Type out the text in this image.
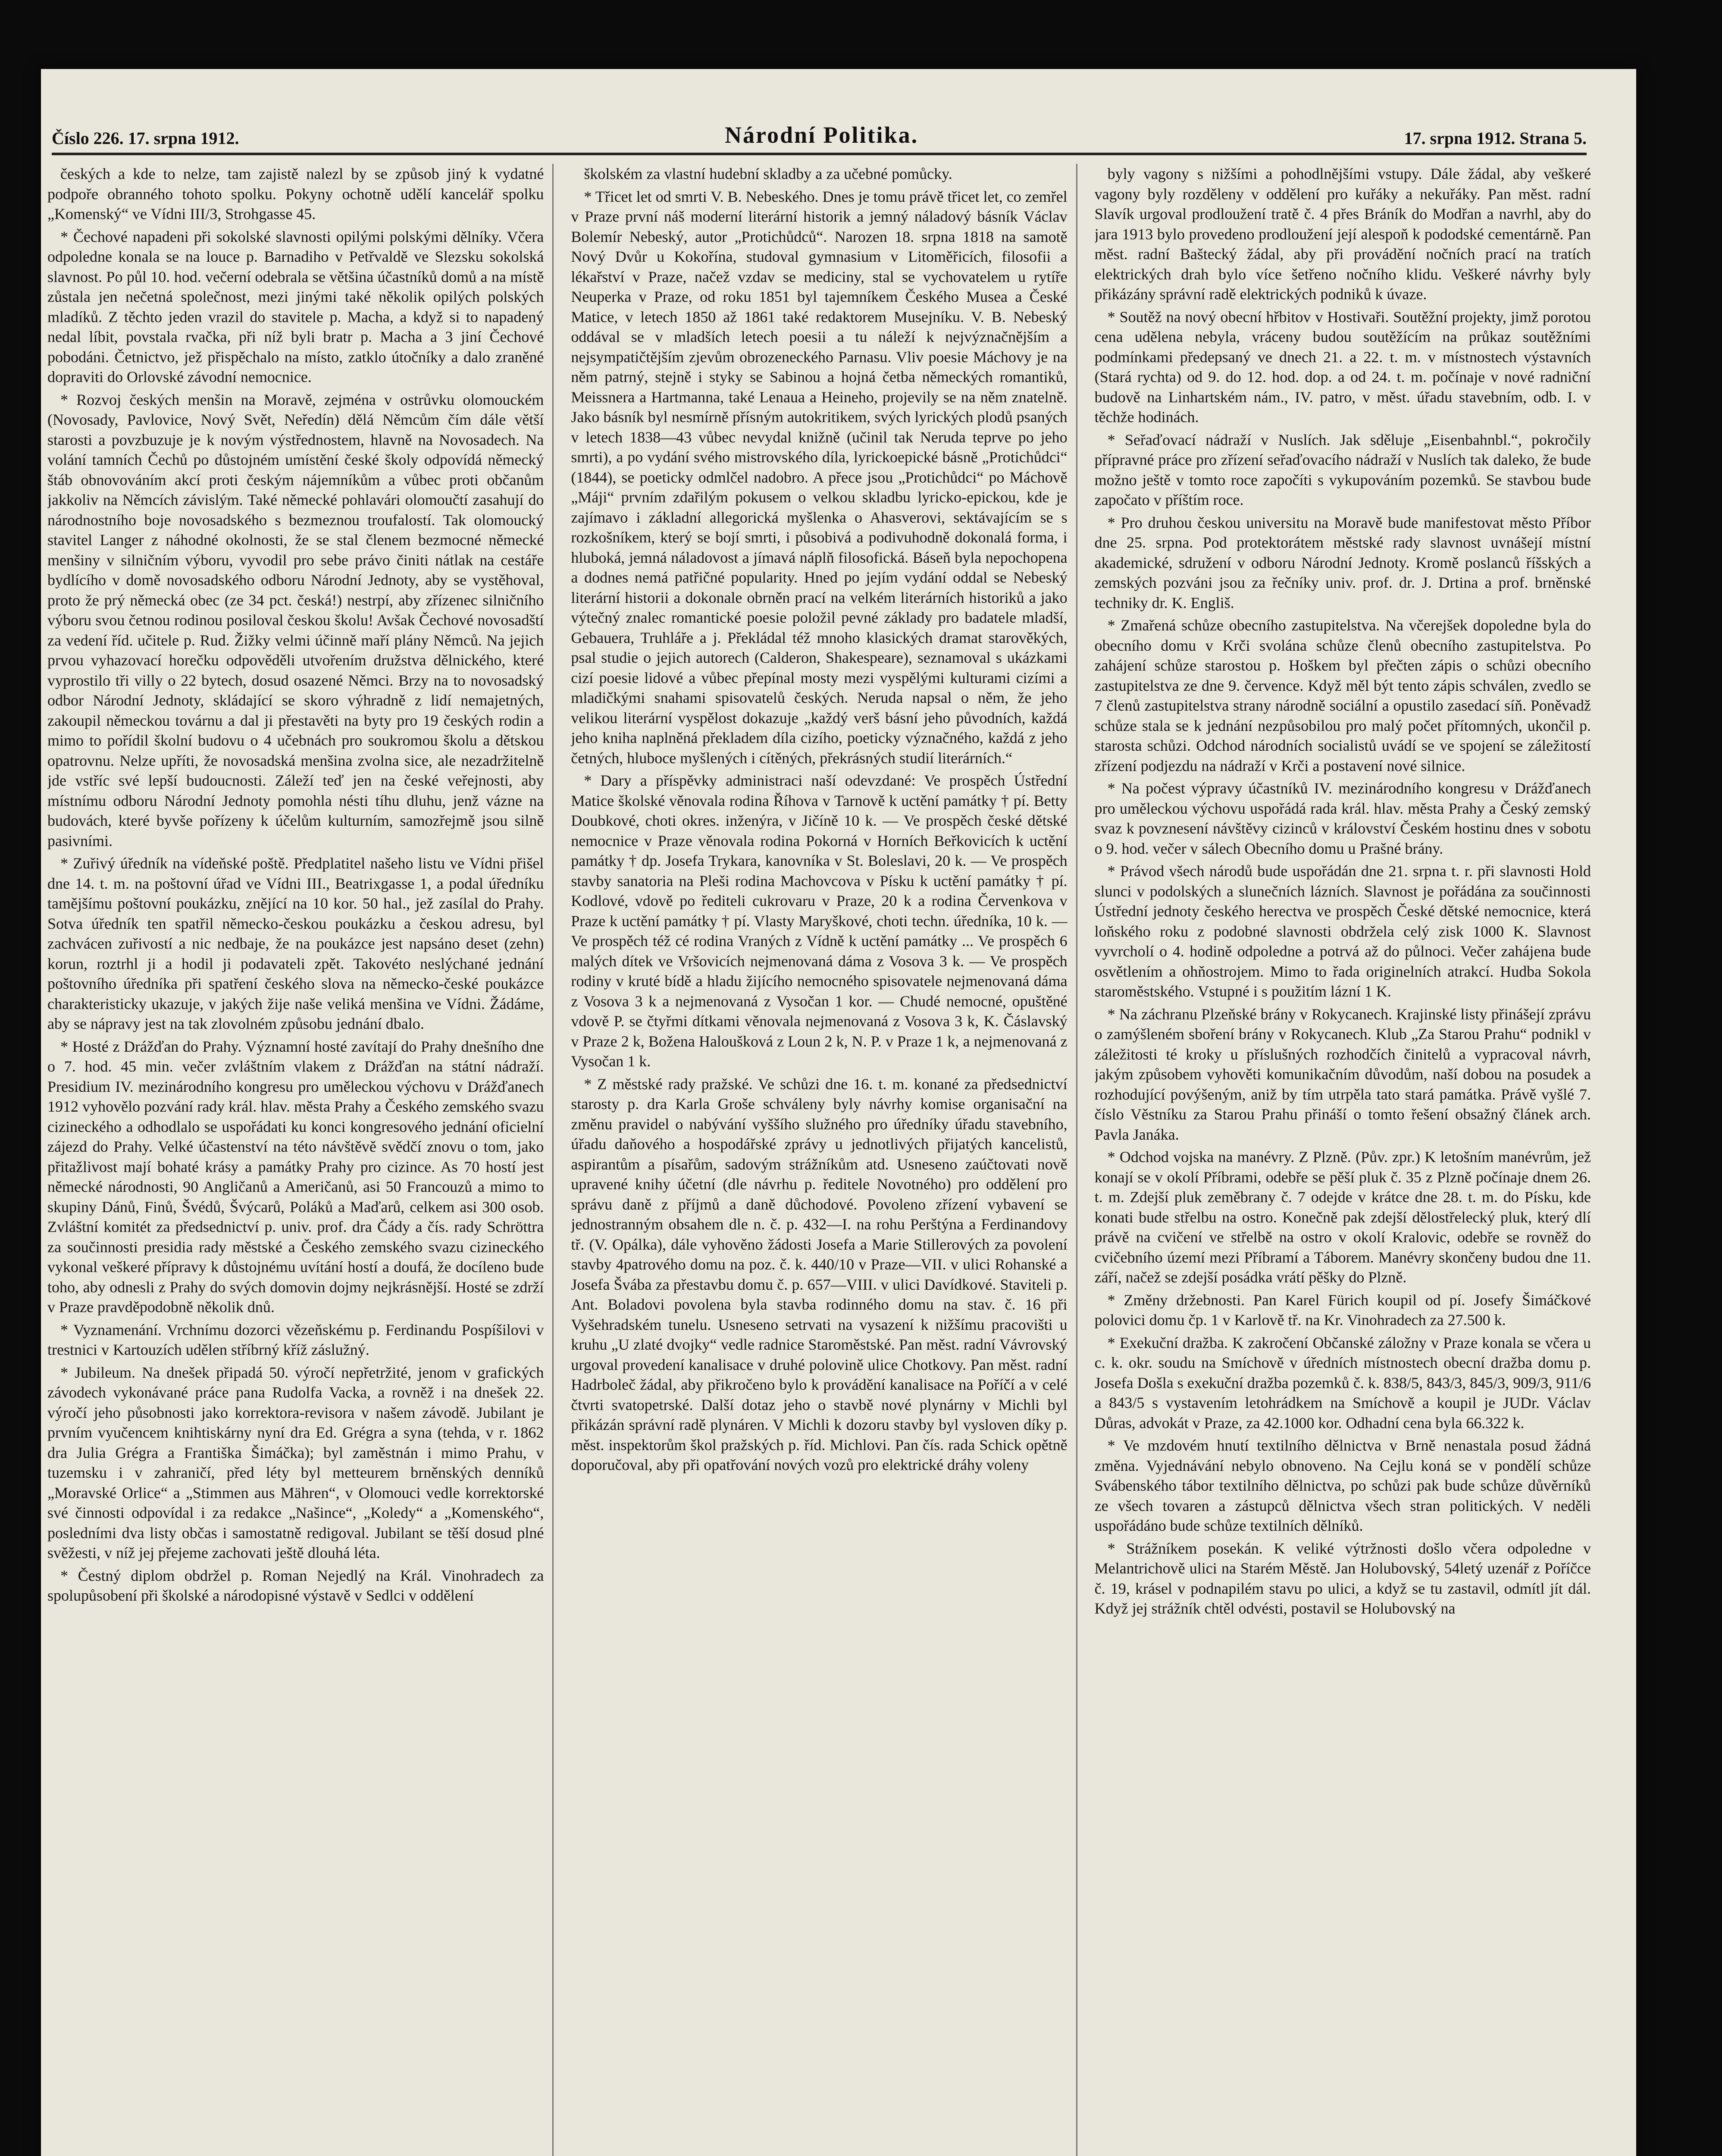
Číslo 226. 17. srpna 1912.	Národní Politika.	17. srpna 1912. Strana 5.

českých a kde to nelze, tam zajistě nalezl by se způsob jiný k vydatné podpoře obranného tohoto spolku. Pokyny ochotně udělí kancelář spolku „Komenský“ ve Vídni III/3, Strohgasse 45.

* Čechové napadeni při sokolské slavnosti opilými polskými dělníky. Včera odpoledne konala se na louce p. Barnadiho v Petřvaldě ve Slezsku sokolská slavnost. Po půl 10. hod. večerní odebrala se většina účastníků domů a na místě zůstala jen nečetná společnost, mezi jinými také několik opilých polských mladíků. Z těchto jeden vrazil do stavitele p. Macha, a když si to napadený nedal líbit, povstala rvačka, při níž byli bratr p. Macha a 3 jiní Čechové pobodáni. Četnictvo, jež přispěchalo na místo, zatklo útočníky a dalo zraněné dopraviti do Orlovské závodní nemocnice.

* Rozvoj českých menšin na Moravě, zejména v ostrůvku olomouckém (Novosady, Pavlovice, Nový Svět, Neředín) dělá Němcům čím dále větší starosti a povzbuzuje je k novým výstřednostem, hlavně na Novosadech. Na volání tamních Čechů po důstojném umístění české školy odpovídá německý štáb obnovováním akcí proti českým nájemníkům a vůbec proti občanům jakkoliv na Němcích závislým. Také německé pohlavári olomoučtí zasahují do národnostního boje novosadského s bezmeznou troufalostí. Tak olomoucký stavitel Langer z náhodné okolnosti, že se stal členem bezmocné německé menšiny v silničním výboru, vyvodil pro sebe právo činiti nátlak na cestáře bydlícího v domě novosadského odboru Národní Jednoty, aby se vystěhoval, proto že prý německá obec (ze 34 pct. česká!) nestrpí, aby zřízenec silničního výboru svou četnou rodinou posiloval českou školu! Avšak Čechové novosadští za vedení říd. učitele p. Rud. Žižky velmi účinně maří plány Němců. Na jejich prvou vyhazovací horečku odpověděli utvořením družstva dělnického, které vyprostilo tři villy o 22 bytech, dosud osazené Němci. Brzy na to novosadský odbor Národní Jednoty, skládající se skoro výhradně z lidí nemajetných, zakoupil německou továrnu a dal ji přestavěti na byty pro 19 českých rodin a mimo to pořídil školní budovu o 4 učebnách pro soukromou školu a dětskou opatrovnu. Nelze upříti, že novosadská menšina zvolna sice, ale nezadržitelně jde vstříc své lepší budoucnosti. Záleží teď jen na české veřejnosti, aby místnímu odboru Národní Jednoty pomohla nésti tíhu dluhu, jenž vázne na budovách, které byvše pořízeny k účelům kulturním, samozřejmě jsou silně pasivními.

* Zuřivý úředník na vídeňské poště. Předplatitel našeho listu ve Vídni přišel dne 14. t. m. na poštovní úřad ve Vídni III., Beatrixgasse 1, a podal úředníku tamějšímu poštovní poukázku, znějící na 10 kor. 50 hal., jež zasílal do Prahy. Sotva úředník ten spatřil německo-českou poukázku a českou adresu, byl zachvácen zuřivostí a nic nedbaje, že na poukázce jest napsáno deset (zehn) korun, roztrhl ji a hodil ji podavateli zpět. Takovéto neslýchané jednání poštovního úředníka při spatření českého slova na německo-české poukázce charakteristicky ukazuje, v jakých žije naše veliká menšina ve Vídni. Žádáme, aby se nápravy jest na tak zlovolném způsobu jednání dbalo.

* Hosté z Drážďan do Prahy. Významní hosté zavítají do Prahy dnešního dne o 7. hod. 45 min. večer zvláštním vlakem z Drážďan na státní nádraží. Presidium IV. mezinárodního kongresu pro uměleckou výchovu v Drážďanech 1912 vyhovělo pozvání rady král. hlav. města Prahy a Českého zemského svazu cizineckého a odhodlalo se uspořádati ku konci kongresového jednání oficielní zájezd do Prahy. Velké účastenství na této návštěvě svědčí znovu o tom, jako přitažlivost mají bohaté krásy a památky Prahy pro cizince. As 70 hostí jest německé národnosti, 90 Angličanů a Američanů, asi 50 Francouzů a mimo to skupiny Dánů, Finů, Švédů, Švýcarů, Poláků a Maďarů, celkem asi 300 osob. Zvláštní komitét za předsednictví p. univ. prof. dra Čády a čís. rady Schröttra za součinnosti presidia rady městské a Českého zemského svazu cizineckého vykonal veškeré přípravy k důstojnému uvítání hostí a doufá, že docíleno bude toho, aby odnesli z Prahy do svých domovin dojmy nejkrásnější. Hosté se zdrží v Praze pravděpodobně několik dnů.

* Vyznamenání. Vrchnímu dozorci vězeňskému p. Ferdinandu Pospíšilovi v trestnici v Kartouzích udělen stříbrný kříž záslužný.

* Jubileum. Na dnešek připadá 50. výročí nepřetržité, jenom v grafických závodech vykonávané práce pana Rudolfa Vacka, a rovněž i na dnešek 22. výročí jeho působnosti jako korrektora-revisora v našem závodě. Jubilant je prvním vyučencem knihtiskárny nyní dra Ed. Grégra a syna (tehda, v r. 1862 dra Julia Grégra a Františka Šimáčka); byl zaměstnán i mimo Prahu, v tuzemsku i v zahraničí, před léty byl metteurem brněnských denníků „Moravské Orlice“ a „Stimmen aus Mähren“, v Olomouci vedle korrektorské své činnosti odpovídal i za redakce „Našince“, „Koledy“ a „Komenského“, posledními dva listy občas i samostatně redigoval. Jubilant se těší dosud plné svěžesti, v níž jej přejeme zachovati ještě dlouhá léta.

* Čestný diplom obdržel p. Roman Nejedlý na Král. Vinohradech za spolupůsobení při školské a národopisné výstavě v Sedlci v oddělení

školském za vlastní hudební skladby a za učebné pomůcky.

* Třicet let od smrti V. B. Nebeského. Dnes je tomu právě třicet let, co zemřel v Praze první náš moderní literární historik a jemný náladový básník Václav Bolemír Nebeský, autor „Protichůdců“. Narozen 18. srpna 1818 na samotě Nový Dvůr u Kokořína, studoval gymnasium v Litoměřicích, filosofii a lékařství v Praze, načež vzdav se mediciny, stal se vychovatelem u rytíře Neuperka v Praze, od roku 1851 byl tajemníkem Českého Musea a České Matice, v letech 1850 až 1861 také redaktorem Musejníku. V. B. Nebeský oddával se v mladších letech poesii a tu náleží k nejvýznačnějším a nejsympatičtějším zjevům obrozeneckého Parnasu. Vliv poesie Máchovy je na něm patrný, stejně i styky se Sabinou a hojná četba německých romantiků, Meissnera a Hartmanna, také Lenaua a Heineho, projevily se na něm znatelně. Jako básník byl nesmírně přísným autokritikem, svých lyrických plodů psaných v letech 1838—43 vůbec nevydal knižně (učinil tak Neruda teprve po jeho smrti), a po vydání svého mistrovského díla, lyrickoepické básně „Protichůdci“ (1844), se poeticky odmlčel nadobro. A přece jsou „Protichůdci“ po Máchově „Máji“ prvním zdařilým pokusem o velkou skladbu lyricko-epickou, kde je zajímavo i základní allegorická myšlenka o Ahasverovi, sektávajícím se s rozkošníkem, který se bojí smrti, i působivá a podivuhodně dokonalá forma, i hluboká, jemná náladovost a jímavá náplň filosofická. Báseň byla nepochopena a dodnes nemá patřičné popularity. Hned po jejím vydání oddal se Nebeský literární historii a dokonale obrněn prací na velkém literárních historiků a jako výtečný znalec romantické poesie položil pevné základy pro badatele mladší, Gebauera, Truhláře a j. Překládal též mnoho klasických dramat starověkých, psal studie o jejich autorech (Calderon, Shakespeare), seznamoval s ukázkami cizí poesie lidové a vůbec přepínal mosty mezi vyspělými kulturami cizími a mladičkými snahami spisovatelů českých. Neruda napsal o něm, že jeho velikou literární vyspělost dokazuje „každý verš básní jeho původních, každá jeho kniha naplněná překladem díla cizího, poeticky význačného, každá z jeho četných, hluboce myšlených i cítěných, překrásných studií literárních.“

* Dary a příspěvky administraci naší odevzdané: Ve prospěch Ústřední Matice školské věnovala rodina Říhova v Tarnově k uctění památky † pí. Betty Doubkové, choti okres. inženýra, v Jičíně 10 k. — Ve prospěch české dětské nemocnice v Praze věnovala rodina Pokorná v Horních Beřkovicích k uctění památky † dp. Josefa Trykara, kanovníka v St. Boleslavi, 20 k. — Ve prospěch stavby sanatoria na Pleši rodina Machovcova v Písku k uctění památky † pí. Kodlové, vdově po řediteli cukrovaru v Praze, 20 k a rodina Červenkova v Praze k uctění památky † pí. Vlasty Maryškové, choti techn. úředníka, 10 k. — Ve prospěch též cé rodina Vraných z Vídně k uctění památky ... Ve prospěch 6 malých dítek ve Vršovicích nejmenovaná dáma z Vosova 3 k. — Ve prospěch rodiny v kruté bídě a hladu žijícího nemocného spisovatele nejmenovaná dáma z Vosova 3 k a nejmenovaná z Vysočan 1 kor. — Chudé nemocné, opuštěné vdově P. se čtyřmi dítkami věnovala nejmenovaná z Vosova 3 k, K. Čáslavský v Praze 2 k, Božena Haloušková z Loun 2 k, N. P. v Praze 1 k, a nejmenovaná z Vysočan 1 k.

* Z městské rady pražské. Ve schůzi dne 16. t. m. konané za předsednictví starosty p. dra Karla Groše schváleny byly návrhy komise organisační na změnu pravidel o nabývání vyššího služného pro úředníky úřadu stavebního, úřadu daňového a hospodářské zprávy u jednotlivých přijatých kancelistů, aspirantům a písařům, sadovým strážníkům atd. Usneseno zaúčtovati nově upravené knihy účetní (dle návrhu p. ředitele Novotného) pro oddělení pro správu daně z příjmů a daně důchodové. Povoleno zřízení vybavení se jednostranným obsahem dle n. č. p. 432—I. na rohu Perštýna a Ferdinandovy tř. (V. Opálka), dále vyhověno žádosti Josefa a Marie Stillerových za povolení stavby 4patrového domu na poz. č. k. 440/10 v Praze—VII. v ulici Rohanské a Josefa Švába za přestavbu domu č. p. 657—VIII. v ulici Davídkové. Staviteli p. Ant. Boladovi povolena byla stavba rodinného domu na stav. č. 16 při Vyšehradském tunelu. Usneseno setrvati na vysazení k nižšímu pracovišti u kruhu „U zlaté dvojky“ vedle radnice Staroměstské. Pan měst. radní Vávrovský urgoval provedení kanalisace v druhé polovině ulice Chotkovy. Pan měst. radní Hadrboleč žádal, aby přikročeno bylo k provádění kanalisace na Poříčí a v celé čtvrti svatopetrské. Další dotaz jeho o stavbě nové plynárny v Michli byl přikázán správní radě plynáren. V Michli k dozoru stavby byl vysloven díky p. měst. inspektorům škol pražských p. říd. Michlovi. Pan čís. rada Schick opětně doporučoval, aby při opatřování nových vozů pro elektrické dráhy voleny

byly vagony s nižšími a pohodlnějšími vstupy. Dále žádal, aby veškeré vagony byly rozděleny v oddělení pro kuřáky a nekuřáky. Pan měst. radní Slavík urgoval prodloužení tratě č. 4 přes Bráník do Modřan a navrhl, aby do jara 1913 bylo provedeno prodloužení její alespoň k pododské cementárně. Pan měst. radní Baštecký žádal, aby při provádění nočních prací na tratích elektrických drah bylo více šetřeno nočního klidu. Veškeré návrhy byly přikázány správní radě elektrických podniků k úvaze.

* Soutěž na nový obecní hřbitov v Hostivaři. Soutěžní projekty, jimž porotou cena udělena nebyla, vráceny budou soutěžícím na průkaz soutěžními podmínkami předepsaný ve dnech 21. a 22. t. m. v místnostech výstavních (Stará rychta) od 9. do 12. hod. dop. a od 24. t. m. počínaje v nové radniční budově na Linhartském nám., IV. patro, v měst. úřadu stavebním, odb. I. v těchže hodinách.

* Seřaďovací nádraží v Nuslích. Jak sděluje „Eisenbahnbl.“, pokročily přípravné práce pro zřízení seřaďovacího nádraží v Nuslích tak daleko, že bude možno ještě v tomto roce započíti s vykupováním pozemků. Se stavbou bude započato v příštím roce.

* Pro druhou českou universitu na Moravě bude manifestovat město Příbor dne 25. srpna. Pod protektorátem městské rady slavnost uvnášejí místní akademické, sdružení v odboru Národní Jednoty. Kromě poslanců říšských a zemských pozváni jsou za řečníky univ. prof. dr. J. Drtina a prof. brněnské techniky dr. K. Engliš.

* Zmařená schůze obecního zastupitelstva. Na včerejšek dopoledne byla do obecního domu v Krči svolána schůze členů obecního zastupitelstva. Po zahájení schůze starostou p. Hoškem byl přečten zápis o schůzi obecního zastupitelstva ze dne 9. července. Když měl být tento zápis schválen, zvedlo se 7 členů zastupitelstva strany národně sociální a opustilo zasedací síň. Poněvadž schůze stala se k jednání nezpůsobilou pro malý počet přítomných, ukončil p. starosta schůzi. Odchod národních socialistů uvádí se ve spojení se záležitostí zřízení podjezdu na nádraží v Krči a postavení nové silnice.

* Na počest výpravy účastníků IV. mezinárodního kongresu v Drážďanech pro uměleckou výchovu uspořádá rada král. hlav. města Prahy a Český zemský svaz k povznesení návštěvy cizinců v království Českém hostinu dnes v sobotu o 9. hod. večer v sálech Obecního domu u Prašné brány.

* Právod všech národů bude uspořádán dne 21. srpna t. r. při slavnosti Hold slunci v podolských a slunečních lázních. Slavnost je pořádána za součinnosti Ústřední jednoty českého herectva ve prospěch České dětské nemocnice, která loňského roku z podobné slavnosti obdržela celý zisk 1000 K. Slavnost vyvrcholí o 4. hodině odpoledne a potrvá až do půlnoci. Večer zahájena bude osvětlením a ohňostrojem. Mimo to řada originelních atrakcí. Hudba Sokola staroměstského. Vstupné i s použitím lázní 1 K.

* Na záchranu Plzeňské brány v Rokycanech. Krajinské listy přinášejí zprávu o zamýšleném sboření brány v Rokycanech. Klub „Za Starou Prahu“ podnikl v záležitosti té kroky u příslušných rozhodčích činitelů a vypracoval návrh, jakým způsobem vyhověti komunikačním důvodům, naší dobou na posudek a rozhodující povýšeným, aniž by tím utrpěla tato stará památka. Právě vyšlé 7. číslo Věstníku za Starou Prahu přináší o tomto řešení obsažný článek arch. Pavla Janáka.

* Odchod vojska na manévry. Z Plzně. (Pův. zpr.) K letošním manévrům, jež konají se v okolí Příbrami, odebře se pěší pluk č. 35 z Plzně počínaje dnem 26. t. m. Zdejší pluk zeměbrany č. 7 odejde v krátce dne 28. t. m. do Písku, kde konati bude střelbu na ostro. Konečně pak zdejší dělostřelecký pluk, který dlí právě na cvičení ve střelbě na ostro v okolí Kralovic, odebře se rovněž do cvičebního území mezi Příbramí a Táborem. Manévry skončeny budou dne 11. září, načež se zdejší posádka vrátí pěšky do Plzně.

* Změny držebnosti. Pan Karel Fürich koupil od pí. Josefy Šimáčkové polovici domu čp. 1 v Karlově tř. na Kr. Vinohradech za 27.500 k.

* Exekuční dražba. K zakročení Občanské záložny v Praze konala se včera u c. k. okr. soudu na Smíchově v úředních místnostech obecní dražba domu p. Josefa Došla s exekuční dražba pozemků č. k. 838/5, 843/3, 845/3, 909/3, 911/6 a 843/5 s vystavením letohrádkem na Smíchově a koupil je JUDr. Václav Důras, advokát v Praze, za 42.1000 kor. Odhadní cena byla 66.322 k.

* Ve mzdovém hnutí textilního dělnictva v Brně nenastala posud žádná změna. Vyjednávání nebylo obnoveno. Na Cejlu koná se v pondělí schůze Svábenského tábor textilního dělnictva, po schůzi pak bude schůze důvěrníků ze všech tovaren a zástupců dělnictva všech stran politických. V neděli uspořádáno bude schůze textilních dělníků.

* Strážníkem posekán. K veliké výtržnosti došlo včera odpoledne v Melantrichově ulici na Starém Městě. Jan Holubovský, 54letý uzenář z Poříčce č. 19, krásel v podnapilém stavu po ulici, a když se tu zastavil, odmítl jít dál. Když jej strážník chtěl odvésti, postavil se Holubovský na
